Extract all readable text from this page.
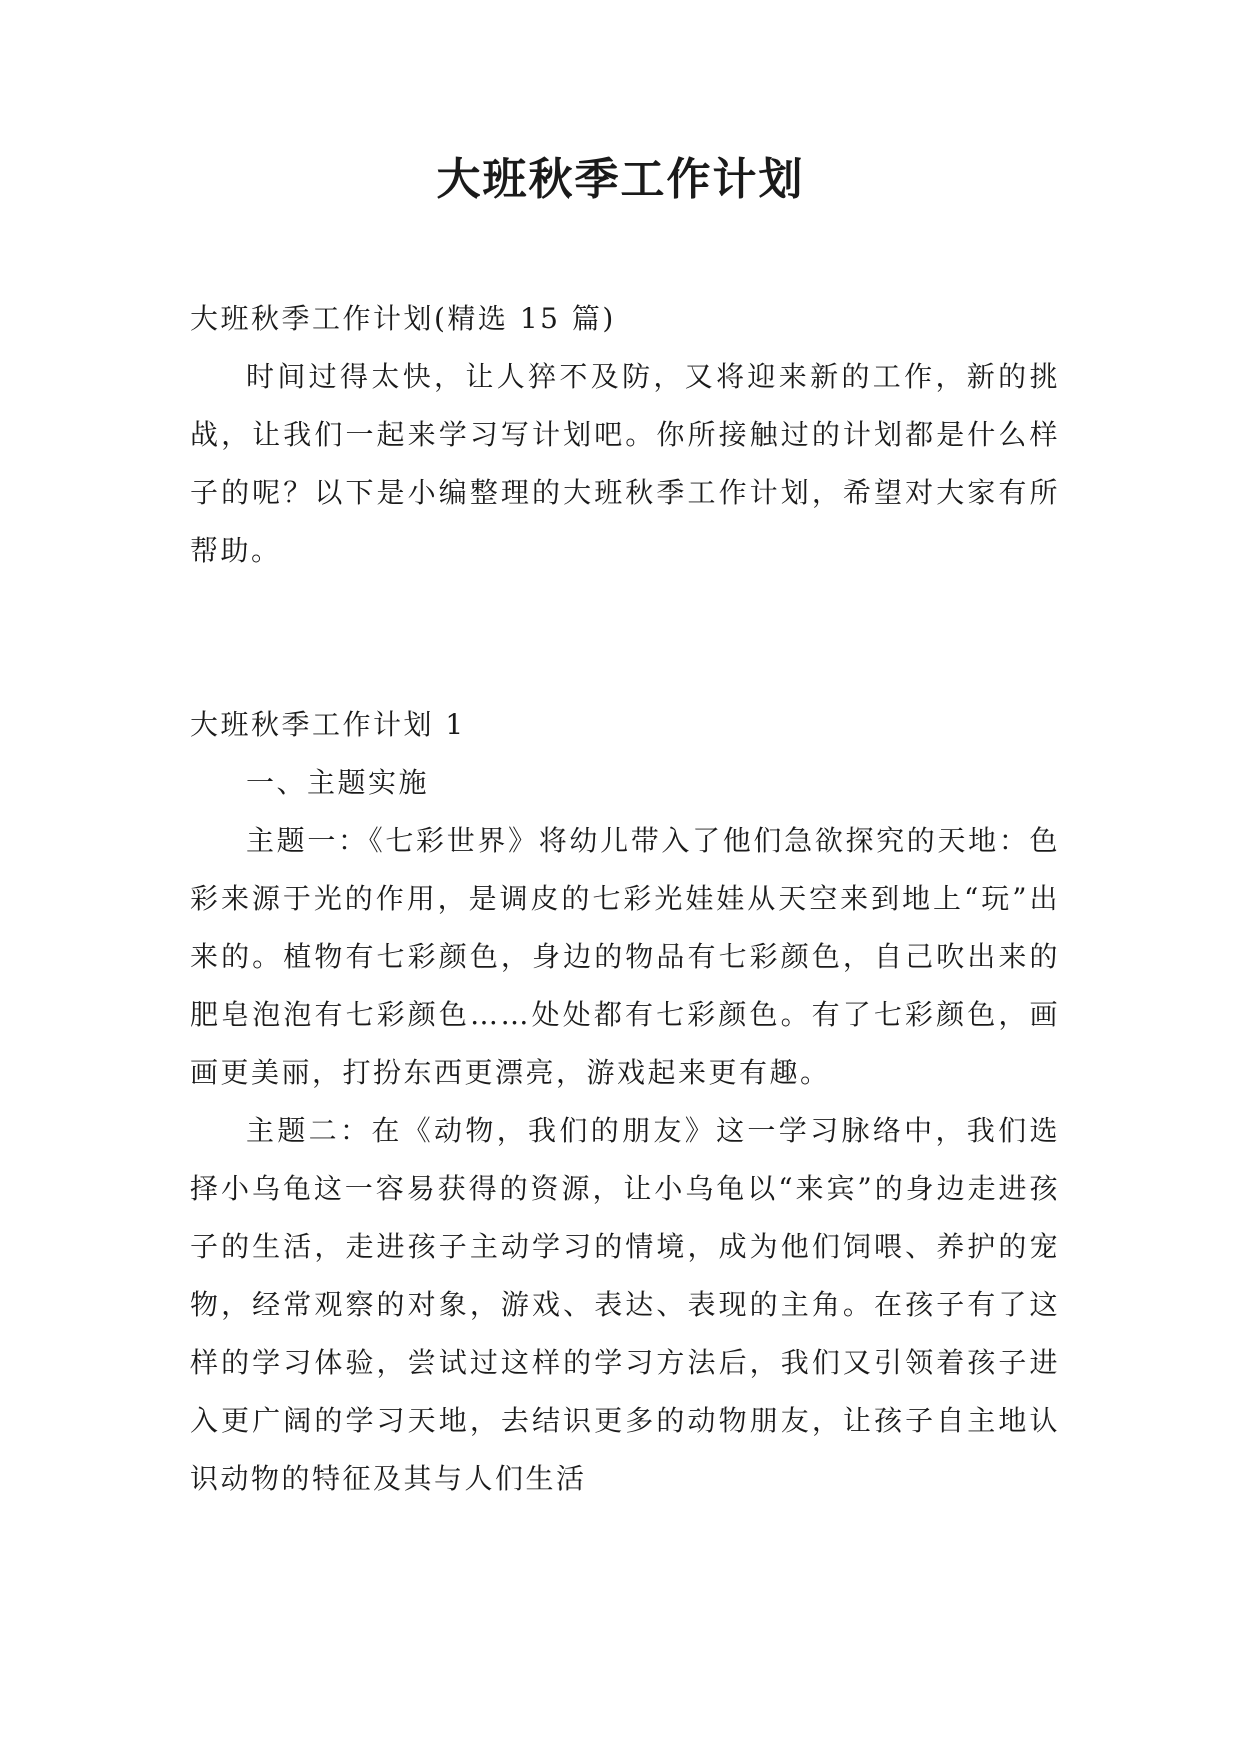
大班秋季工作计划

大班秋季工作计划(精选 15 篇)

时间过得太快，让人猝不及防，又将迎来新的工作，新的挑战，让我们一起来学习写计划吧。你所接触过的计划都是什么样子的呢？以下是小编整理的大班秋季工作计划，希望对大家有所帮助。

大班秋季工作计划 1

一、主题实施

主题一：《七彩世界》将幼儿带入了他们急欲探究的天地：色彩来源于光的作用，是调皮的七彩光娃娃从天空来到地上“玩”出来的。植物有七彩颜色，身边的物品有七彩颜色，自己吹出来的肥皂泡泡有七彩颜色……处处都有七彩颜色。有了七彩颜色，画画更美丽，打扮东西更漂亮，游戏起来更有趣。

主题二：在《动物，我们的朋友》这一学习脉络中，我们选择小乌龟这一容易获得的资源，让小乌龟以“来宾”的身边走进孩子的生活，走进孩子主动学习的情境，成为他们饲喂、养护的宠物，经常观察的对象，游戏、表达、表现的主角。在孩子有了这样的学习体验，尝试过这样的学习方法后，我们又引领着孩子进入更广阔的学习天地，去结识更多的动物朋友，让孩子自主地认识动物的特征及其与人们生活
